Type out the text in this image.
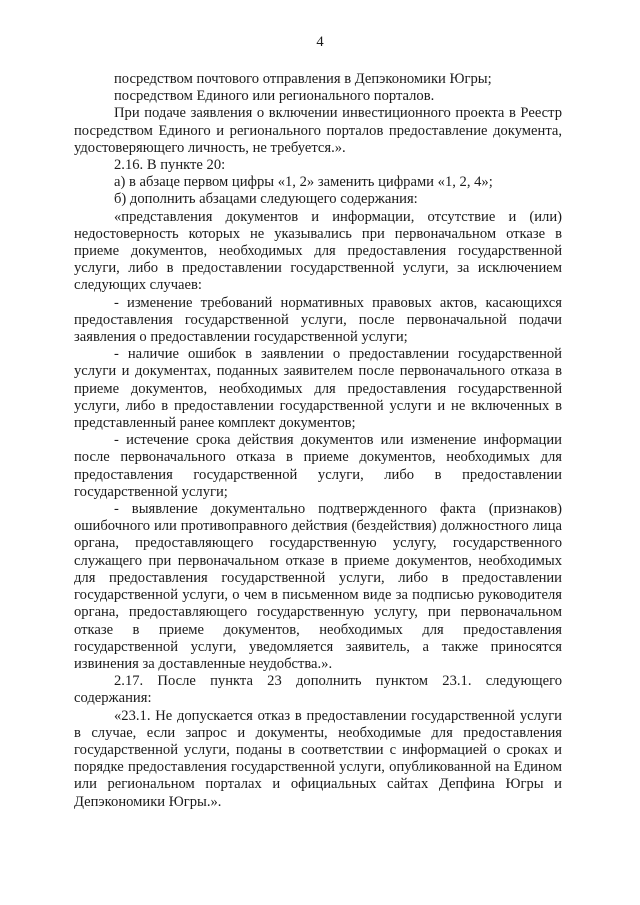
4

посредством почтового отправления в Депэкономики Югры;

посредством Единого или регионального порталов.

При подаче заявления о включении инвестиционного проекта в Реестр посредством Единого и регионального порталов предоставление документа, удостоверяющего личность, не требуется.».

2.16. В пункте 20:

а) в абзаце первом цифры «1, 2» заменить цифрами «1, 2, 4»;

б) дополнить абзацами следующего содержания:

«представления документов и информации, отсутствие и (или) недостоверность которых не указывались при первоначальном отказе в приеме документов, необходимых для предоставления государственной услуги, либо в предоставлении государственной услуги, за исключением следующих случаев:

- изменение требований нормативных правовых актов, касающихся предоставления государственной услуги, после первоначальной подачи заявления о предоставлении государственной услуги;

- наличие ошибок в заявлении о предоставлении государственной услуги и документах, поданных заявителем после первоначального отказа в приеме документов, необходимых для предоставления государственной услуги, либо в предоставлении государственной услуги и не включенных в представленный ранее комплект документов;

- истечение срока действия документов или изменение информации после первоначального отказа в приеме документов, необходимых для предоставления государственной услуги, либо в предоставлении государственной услуги;

- выявление документально подтвержденного факта (признаков) ошибочного или противоправного действия (бездействия) должностного лица органа, предоставляющего государственную услугу, государственного служащего при первоначальном отказе в приеме документов, необходимых для предоставления государственной услуги, либо в предоставлении государственной услуги, о чем в письменном виде за подписью руководителя органа, предоставляющего государственную услугу, при первоначальном отказе в приеме документов, необходимых для предоставления государственной услуги, уведомляется заявитель, а также приносятся извинения за доставленные неудобства.».

2.17. После пункта 23 дополнить пунктом 23.1. следующего содержания:

«23.1. Не допускается отказ в предоставлении государственной услуги в случае, если запрос и документы, необходимые для предоставления государственной услуги, поданы в соответствии с информацией о сроках и порядке предоставления государственной услуги, опубликованной на Едином или региональном порталах и официальных сайтах Депфина Югры и Депэкономики Югры.».
